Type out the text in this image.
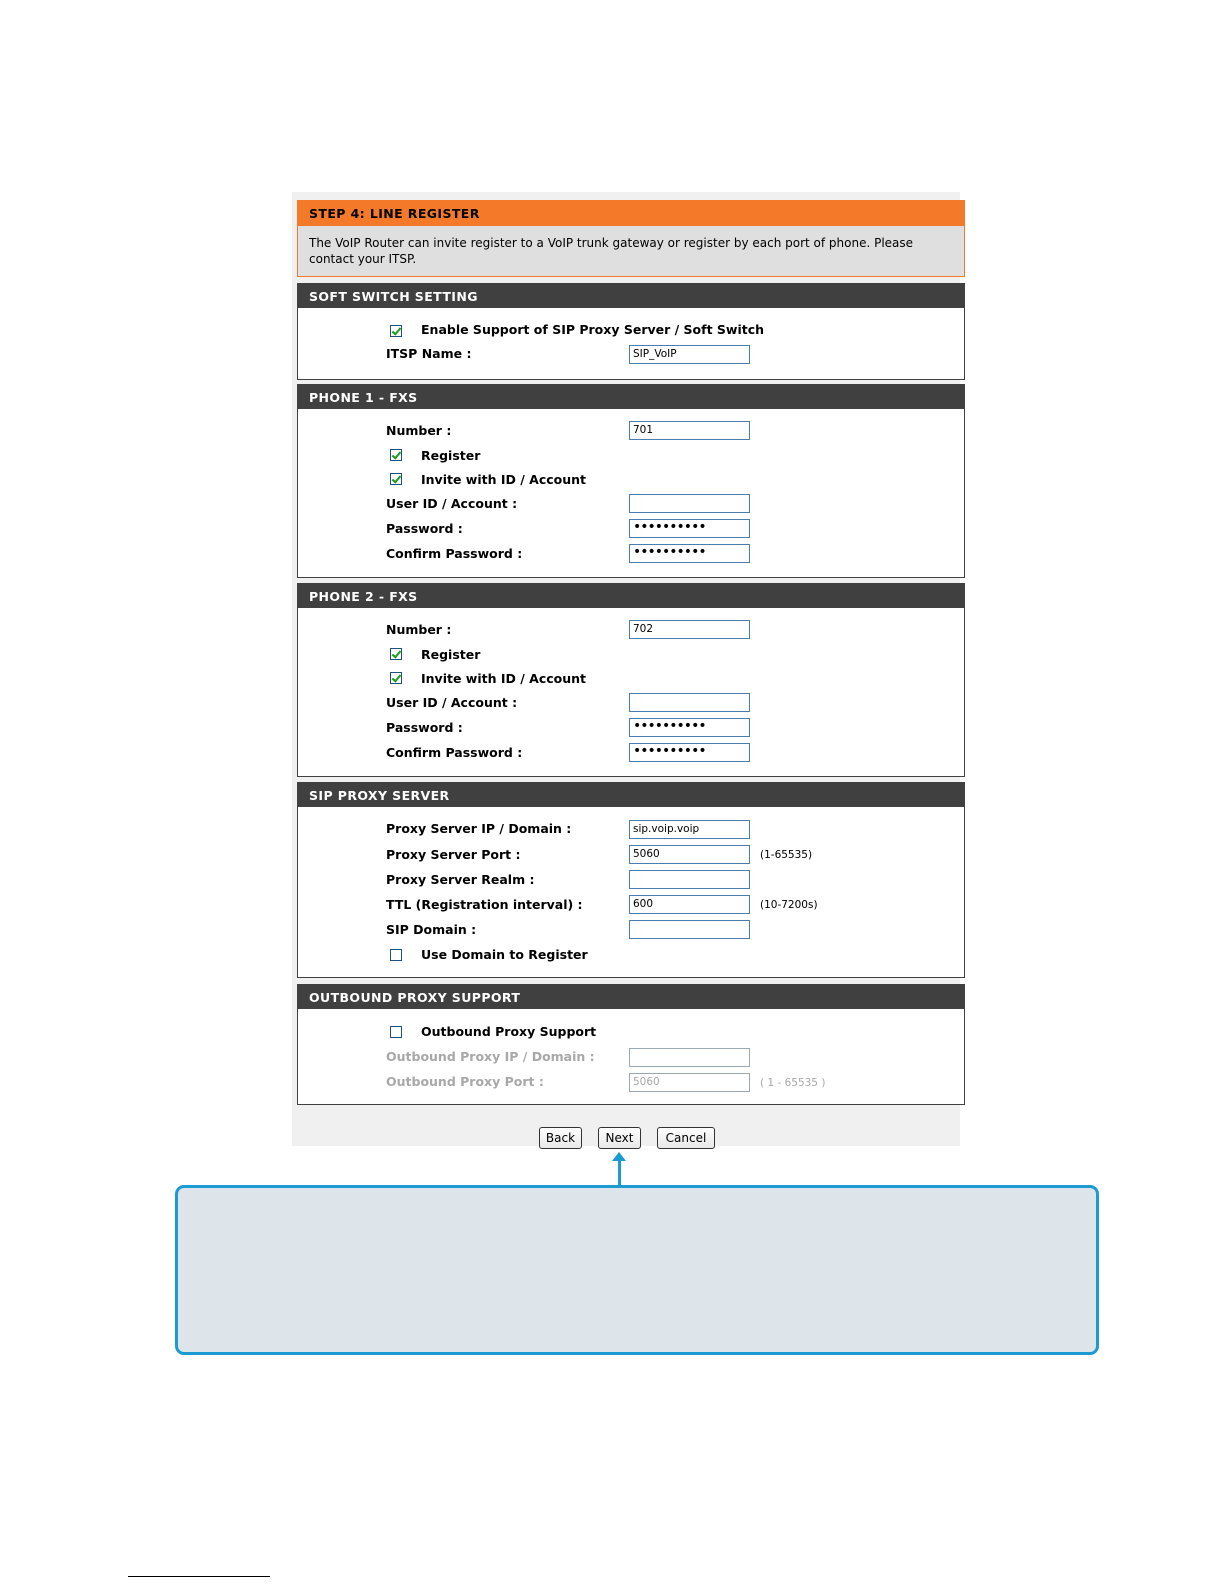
STEP 4: LINE REGISTER
The VoIP Router can invite register to a VoIP trunk gateway or register by each port of phone. Please contact your ITSP.
SOFT SWITCH SETTING
Enable Support of SIP Proxy Server / Soft Switch
ITSP Name :	SIP_VoIP
PHONE 1 - FXS
Number :	701
Register
Invite with ID / Account
User ID / Account :
Password :	••••••••••
Confirm Password :	••••••••••
PHONE 2 - FXS
Number :	702
Register
Invite with ID / Account
User ID / Account :
Password :	••••••••••
Confirm Password :	••••••••••
SIP PROXY SERVER
Proxy Server IP / Domain :	sip.voip.voip
Proxy Server Port :	5060	(1-65535)
Proxy Server Realm :
TTL (Registration interval) :	600	(10-7200s)
SIP Domain :
Use Domain to Register
OUTBOUND PROXY SUPPORT
Outbound Proxy Support
Outbound Proxy IP / Domain :
Outbound Proxy Port :	5060	( 1 - 65535 )
Back	Next	Cancel
